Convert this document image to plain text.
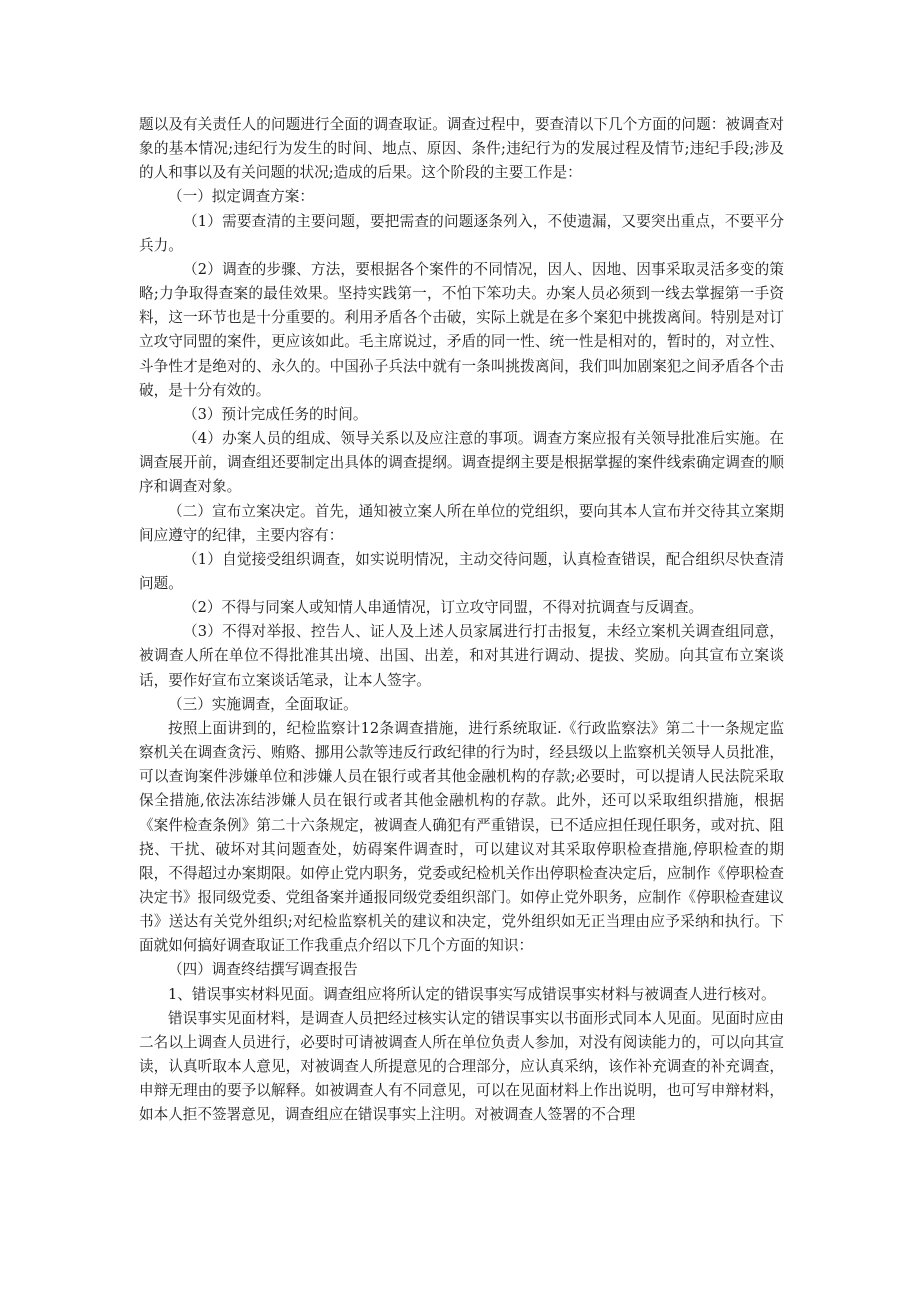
题以及有关责任人的问题进行全面的调查取证。调查过程中，要查清以下几个方面的问题：被调查对象的基本情况;违纪行为发生的时间、地点、原因、条件;违纪行为的发展过程及情节;违纪手段;涉及的人和事以及有关问题的状况;造成的后果。这个阶段的主要工作是：

（一）拟定调查方案：

（1）需要查清的主要问题，要把需查的问题逐条列入，不使遗漏，又要突出重点，不要平分兵力。

（2）调查的步骤、方法，要根据各个案件的不同情况，因人、因地、因事采取灵活多变的策略;力争取得查案的最佳效果。坚持实践第一，不怕下笨功夫。办案人员必须到一线去掌握第一手资料，这一环节也是十分重要的。利用矛盾各个击破，实际上就是在多个案犯中挑拨离间。特别是对订立攻守同盟的案件，更应该如此。毛主席说过，矛盾的同一性、统一性是相对的，暂时的，对立性、斗争性才是绝对的、永久的。中国孙子兵法中就有一条叫挑拨离间，我们叫加剧案犯之间矛盾各个击破，是十分有效的。

（3）预计完成任务的时间。

（4）办案人员的组成、领导关系以及应注意的事项。调查方案应报有关领导批准后实施。在调查展开前，调查组还要制定出具体的调查提纲。调查提纲主要是根据掌握的案件线索确定调查的顺序和调查对象。

（二）宣布立案决定。首先，通知被立案人所在单位的党组织，要向其本人宣布并交待其立案期间应遵守的纪律，主要内容有：

（1）自觉接受组织调查，如实说明情况，主动交待问题，认真检查错误，配合组织尽快查清问题。

（2）不得与同案人或知情人串通情况，订立攻守同盟，不得对抗调查与反调查。

（3）不得对举报、控告人、证人及上述人员家属进行打击报复，未经立案机关调查组同意，被调查人所在单位不得批准其出境、出国、出差，和对其进行调动、提拔、奖励。向其宣布立案谈话，要作好宣布立案谈话笔录，让本人签字。

（三）实施调查，全面取证。

按照上面讲到的，纪检监察计12条调查措施，进行系统取证.《行政监察法》第二十一条规定监察机关在调查贪污、贿赂、挪用公款等违反行政纪律的行为时，经县级以上监察机关领导人员批准，可以查询案件涉嫌单位和涉嫌人员在银行或者其他金融机构的存款;必要时，可以提请人民法院采取保全措施,依法冻结涉嫌人员在银行或者其他金融机构的存款。此外，还可以采取组织措施，根据《案件检查条例》第二十六条规定，被调查人确犯有严重错误，已不适应担任现任职务，或对抗、阻挠、干扰、破坏对其问题查处，妨碍案件调查时，可以建议对其采取停职检查措施,停职检查的期限，不得超过办案期限。如停止党内职务，党委或纪检机关作出停职检查决定后，应制作《停职检查决定书》报同级党委、党组备案并通报同级党委组织部门。如停止党外职务，应制作《停职检查建议书》送达有关党外组织;对纪检监察机关的建议和决定，党外组织如无正当理由应予采纳和执行。下面就如何搞好调查取证工作我重点介绍以下几个方面的知识：

（四）调查终结撰写调查报告

1、错误事实材料见面。调查组应将所认定的错误事实写成错误事实材料与被调查人进行核对。

错误事实见面材料，是调查人员把经过核实认定的错误事实以书面形式同本人见面。见面时应由二名以上调查人员进行，必要时可请被调查人所在单位负责人参加，对没有阅读能力的，可以向其宣读，认真听取本人意见，对被调查人所提意见的合理部分，应认真采纳，该作补充调查的补充调查，申辩无理由的要予以解释。如被调查人有不同意见，可以在见面材料上作出说明，也可写申辩材料，如本人拒不签署意见，调查组应在错误事实上注明。对被调查人签署的不合理
